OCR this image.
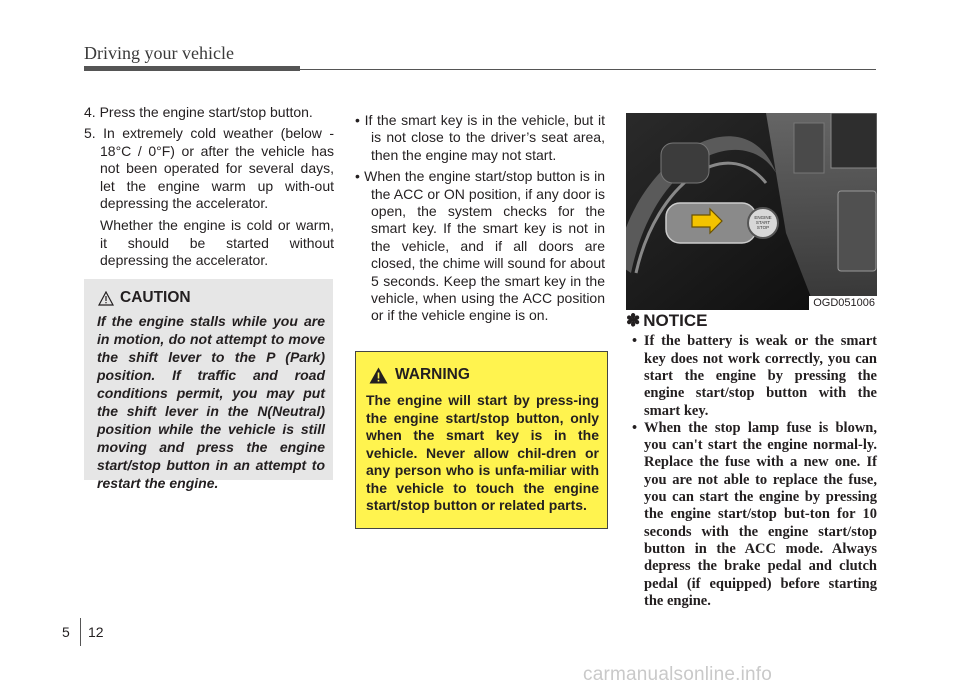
Driving your vehicle

4. Press the engine start/stop button.

5. In extremely cold weather (below - 18°C / 0°F) or after the vehicle has not been operated for several days, let the engine warm up with-out depressing the accelerator.

Whether the engine is cold or warm, it should be started without depressing the accelerator.

CAUTION
If the engine stalls while you are in motion, do not attempt to move the shift lever to the P (Park) position. If traffic and road conditions permit, you may put the shift lever in the N(Neutral) position while the vehicle is still moving and press the engine start/stop button in an attempt to restart the engine.

• If the smart key is in the vehicle, but it is not close to the driver’s seat area, then the engine may not start.

• When the engine start/stop button is in the ACC or ON position, if any door is open, the system checks for the smart key. If the smart key is not in the vehicle, and if all doors are closed, the chime will sound for about 5 seconds. Keep the smart key in the vehicle, when using the ACC position or if the vehicle engine is on.

WARNING
The engine will start by press-ing the engine start/stop button, only when the smart key is in the vehicle. Never allow chil-dren or any person who is unfa-miliar with the vehicle to touch the engine start/stop button or related parts.
ENGINE
START
STOP
OGD051006
✽ NOTICE

• If the battery is weak or the smart key does not work correctly, you can start the engine by pressing the engine start/stop button with the smart key.

• When the stop lamp fuse is blown, you can't start the engine normal-ly. Replace the fuse with a new one. If you are not able to replace the fuse, you can start the engine by pressing the engine start/stop but-ton for 10 seconds with the engine start/stop button in the ACC mode. Always depress the brake pedal and clutch pedal (if equipped) before starting the engine.

5 12
carmanualsonline.info
